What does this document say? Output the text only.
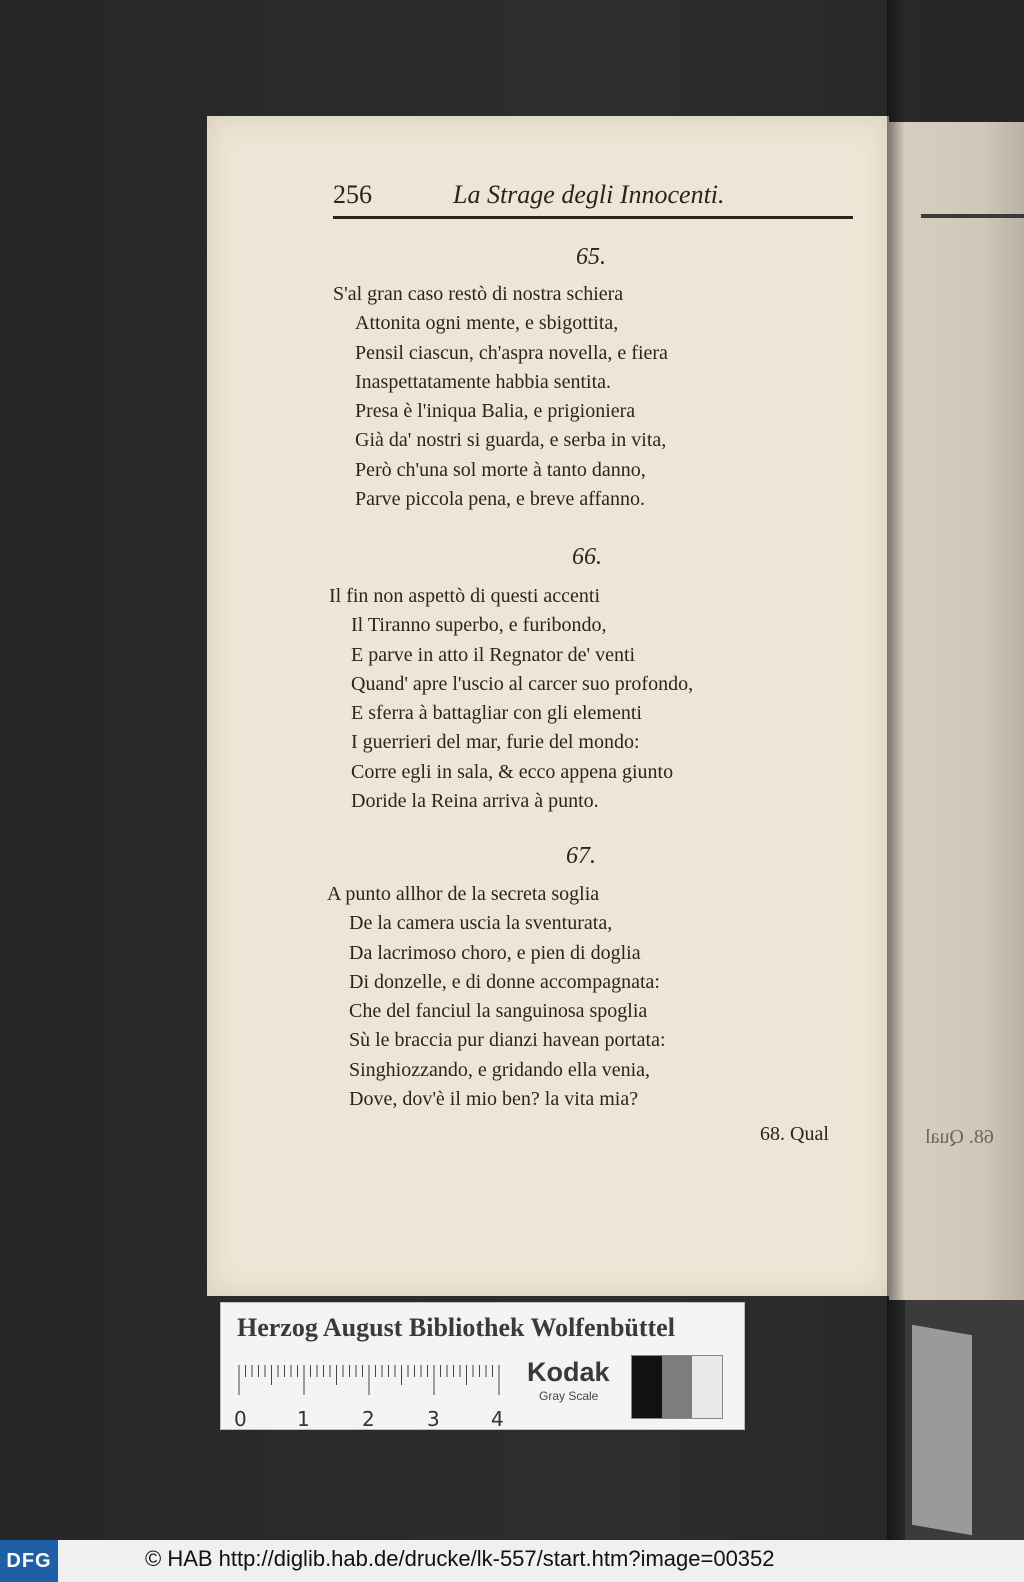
68. Qual
256	La Strage degli Innocenti.
65.
S'al gran caso restò di nostra schiera
Attonita ogni mente, e sbigottita,
Pensil ciascun, ch'aspra novella, e fiera
Inaspettatamente habbia sentita.
Presa è l'iniqua Balia, e prigioniera
Già da' nostri si guarda, e serba in vita,
Però ch'una sol morte à tanto danno,
Parve piccola pena, e breve affanno.
66.
Il fin non aspettò di questi accenti
Il Tiranno superbo, e furibondo,
E parve in atto il Regnator de' venti
Quand' apre l'uscio al carcer suo profondo,
E sferra à battagliar con gli elementi
I guerrieri del mar, furie del mondo:
Corre egli in sala, & ecco appena giunto
Doride la Reina arriva à punto.
67.
A punto allhor de la secreta soglia
De la camera uscia la sventurata,
Da lacrimoso choro, e pien di doglia
Di donzelle, e di donne accompagnata:
Che del fanciul la sanguinosa spoglia
Sù le braccia pur dianzi havean portata:
Singhiozzando, e gridando ella venia,
Dove, dov'è il mio ben? la vita mia?
68. Qual
Herzog August Bibliothek Wolfenbüttel
0	1	2	3	4
Kodak
Gray Scale
DFG	© HAB http://diglib.hab.de/drucke/lk-557/start.htm?image=00352
